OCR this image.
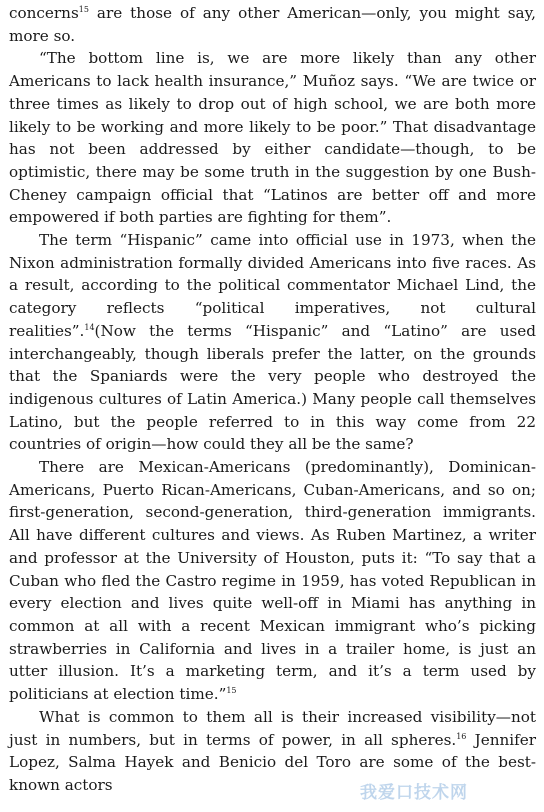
concerns$^{15}$ are those of any other American—only, you might say, more so.

“The bottom line is, we are more likely than any other Americans to lack health insurance,” Muñoz says. “We are twice or three times as likely to drop out of high school, we are both more likely to be working and more likely to be poor.” That disadvantage has not been addressed by either candidate—though, to be optimistic, there may be some truth in the suggestion by one Bush-Cheney campaign official that “Latinos are better off and more empowered if both parties are fighting for them”.

The term “Hispanic” came into official use in 1973, when the Nixon administration formally divided Americans into five races. As a result, according to the political commentator Michael Lind, the category reflects “political imperatives, not cultural realities”.$^{14}$(Now the terms “Hispanic” and “Latino” are used interchangeably, though liberals prefer the latter, on the grounds that the Spaniards were the very people who destroyed the indigenous cultures of Latin America.) Many people call themselves Latino, but the people referred to in this way come from 22 countries of origin—how could they all be the same?

There are Mexican-Americans (predominantly), Dominican-Americans, Puerto Rican-Americans, Cuban-Americans, and so on; first-generation, second-generation, third-generation immigrants. All have different cultures and views. As Ruben Martinez, a writer and professor at the University of Houston, puts it: “To say that a Cuban who fled the Castro regime in 1959, has voted Republican in every election and lives quite well-off in Miami has anything in common at all with a recent Mexican immigrant who’s picking strawberries in California and lives in a trailer home, is just an utter illusion. It’s a marketing term, and it’s a term used by politicians at election time.”$^{15}$

What is common to them all is their increased visibility—not just in numbers, but in terms of power, in all spheres.$^{16}$ Jennifer Lopez, Salma Hayek and Benicio del Toro are some of the best-known actors	我爱口技术网
